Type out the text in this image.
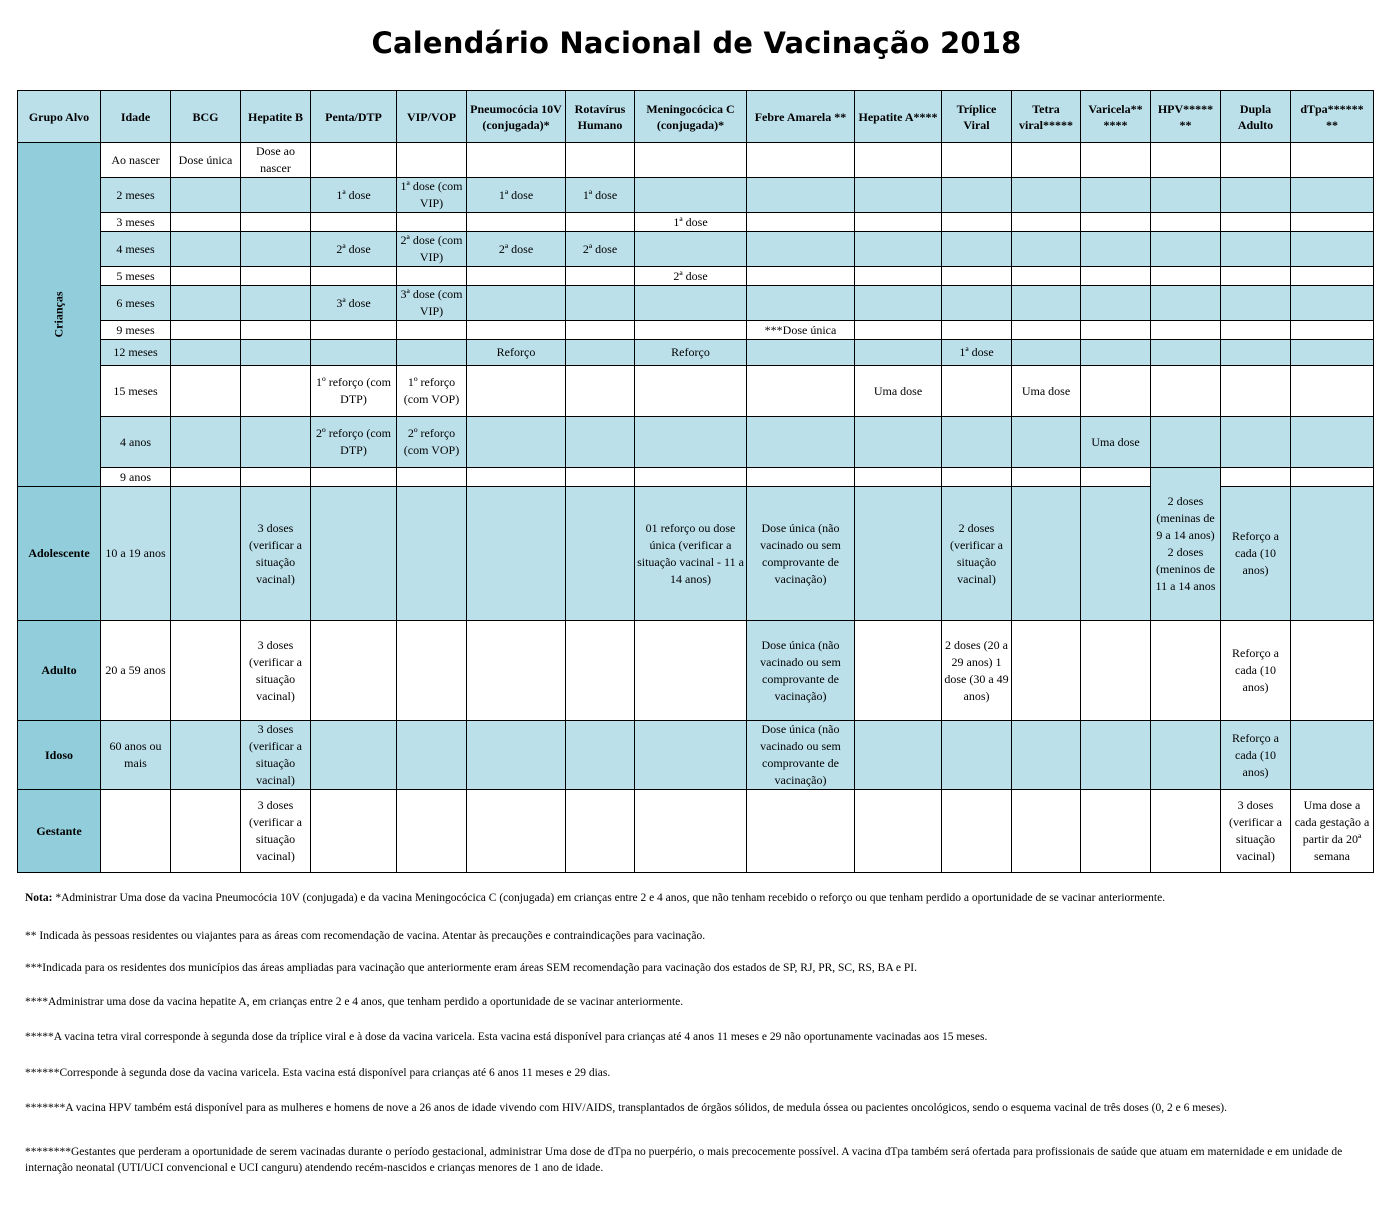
Calendário Nacional de Vacinação 2018
Grupo Alvo	Idade	BCG	Hepatite B	Penta/DTP	VIP/VOP	Pneumocócia 10V (conjugada)*	Rotavírus Humano	Meningocócica C (conjugada)*	Febre Amarela **	Hepatite A****	Tríplice Viral	Tetra viral*****	Varicela** ****	HPV***** **	Dupla Adulto	dTpa****** **
Crianças	Ao nascer	Dose única	Dose ao nascer													
	2 meses			1ª dose	1ª dose (com VIP)	1ª dose	1ª dose									
	3 meses							1ª dose								
	4 meses			2ª dose	2ª dose (com VIP)	2ª dose	2ª dose									
	5 meses							2ª dose								
	6 meses			3ª dose	3ª dose (com VIP)											
	9 meses								***Dose única							
	12 meses					Reforço		Reforço			1ª dose					
	15 meses			1º reforço (com DTP)	1º reforço (com VOP)					Uma dose		Uma dose				
	4 anos			2º reforço (com DTP)	2º reforço (com VOP)								Uma dose			
	9 anos													2 doses (meninas de 9 a 14 anos) 2 doses (meninos de 11 a 14 anos		
Adolescente	10 a 19 anos		3 doses (verificar a situação vacinal)					01 reforço ou dose única (verificar a situação vacinal - 11 a 14 anos)	Dose única (não vacinado ou sem comprovante de vacinação)		2 doses (verificar a situação vacinal)				Reforço a cada (10 anos)	
Adulto	20 a 59 anos		3 doses (verificar a situação vacinal)						Dose única (não vacinado ou sem comprovante de vacinação)		2 doses (20 a 29 anos) 1 dose (30 a 49 anos)				Reforço a cada (10 anos)	
Idoso	60 anos ou mais		3 doses (verificar a situação vacinal)						Dose única (não vacinado ou sem comprovante de vacinação)						Reforço a cada (10 anos)	
Gestante			3 doses (verificar a situação vacinal)												3 doses (verificar a situação vacinal)	Uma dose a cada gestação a partir da 20ª semana

Nota: *Administrar Uma dose da vacina Pneumocócia 10V (conjugada) e da vacina Meningocócica C (conjugada) em crianças entre 2 e 4 anos, que não tenham recebido o reforço ou que tenham perdido a oportunidade de se vacinar anteriormente.

** Indicada às pessoas residentes ou viajantes para as áreas com recomendação de vacina. Atentar às precauções e contraindicações para vacinação.

***Indicada para os residentes dos municípios das áreas ampliadas para vacinação que anteriormente eram áreas SEM recomendação para vacinação dos estados de SP, RJ, PR, SC, RS, BA e PI.

****Administrar uma dose da vacina hepatite A, em crianças entre 2 e 4 anos, que tenham perdido a oportunidade de se vacinar anteriormente.

*****A vacina tetra viral corresponde à segunda dose da tríplice viral e à dose da vacina varicela. Esta vacina está disponível para crianças até 4 anos 11 meses e 29 não oportunamente vacinadas aos 15 meses.

******Corresponde à segunda dose da vacina varicela. Esta vacina está disponível para crianças até 6 anos 11 meses e 29 dias.

*******A vacina HPV também está disponível para as mulheres e homens de nove a 26 anos de idade vivendo com HIV/AIDS, transplantados de órgãos sólidos, de medula óssea ou pacientes oncológicos, sendo o esquema vacinal de três doses (0, 2 e 6 meses).

********Gestantes que perderam a oportunidade de serem vacinadas durante o período gestacional, administrar Uma dose de dTpa no puerpério, o mais precocemente possível. A vacina dTpa também será ofertada para profissionais de saúde que atuam em maternidade e em unidade de internação neonatal (UTI/UCI convencional e UCI canguru) atendendo recém-nascidos e crianças menores de 1 ano de idade.
